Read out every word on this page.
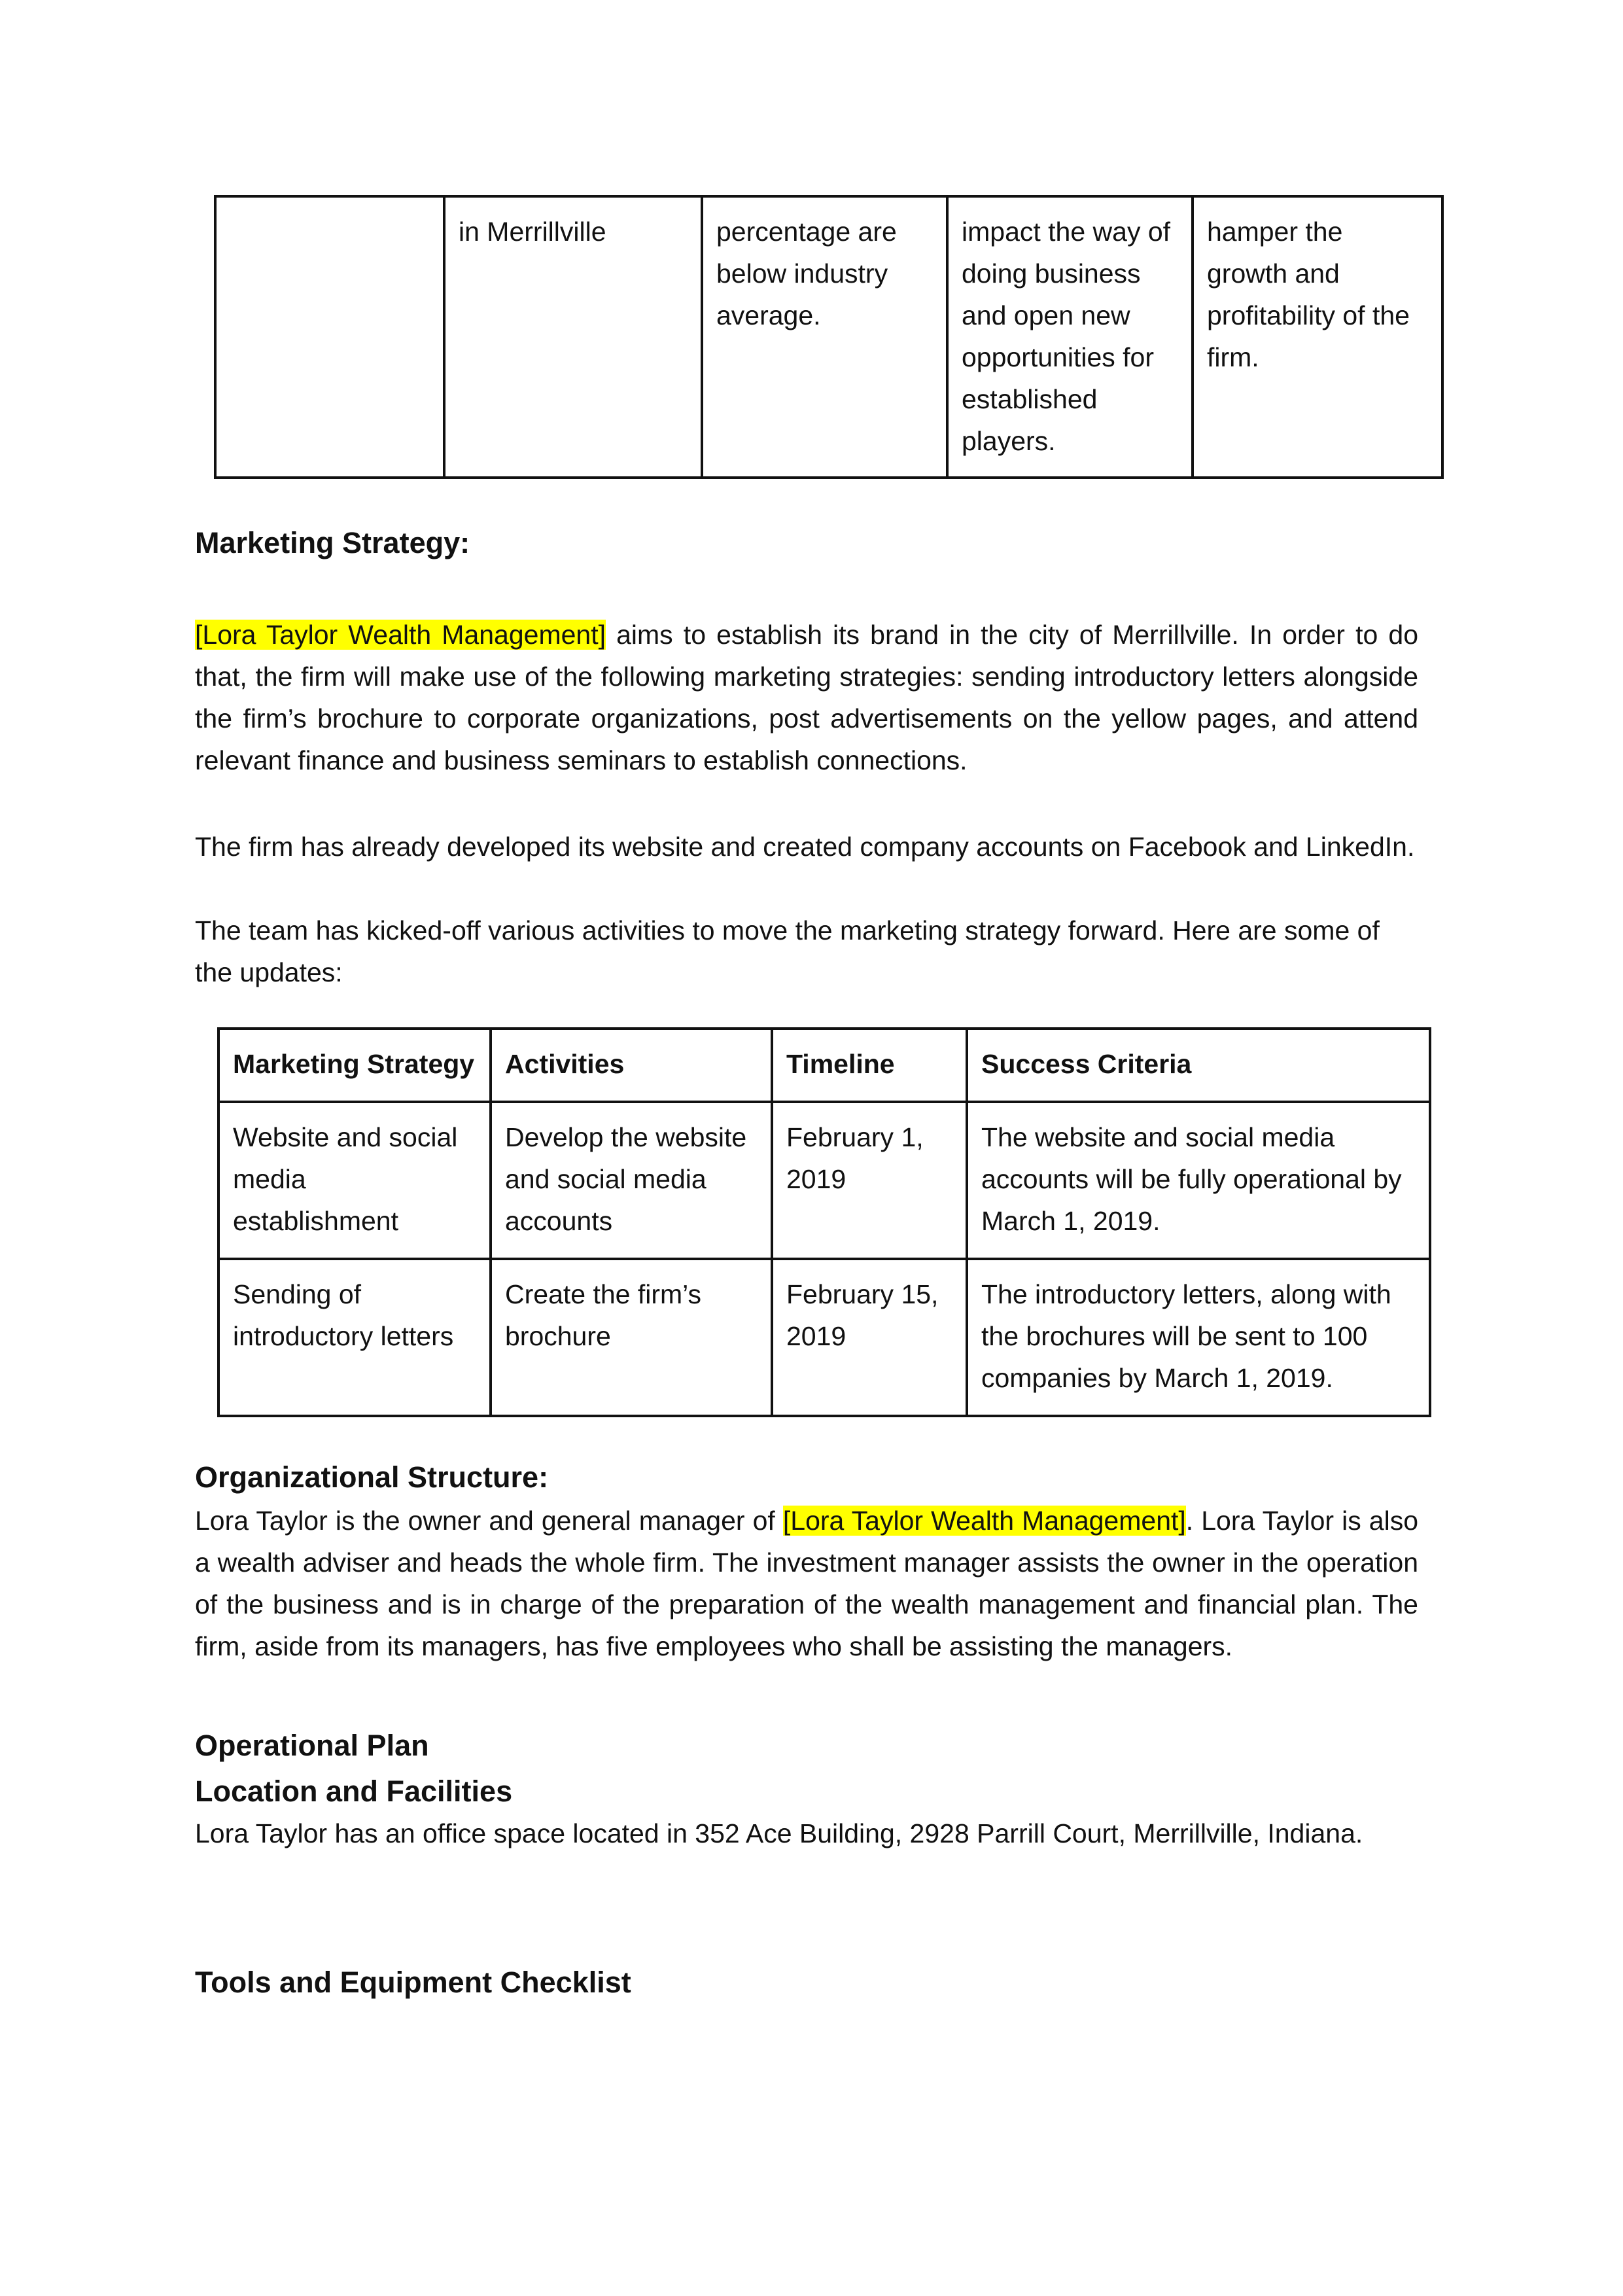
	in Merrillville	percentage are below industry average.	impact the way of doing business and open new opportunities for established players.	hamper the growth and profitability of the firm.
Marketing Strategy:
[Lora Taylor Wealth Management] aims to establish its brand in the city of Merrillville. In order to do that, the firm will make use of the following marketing strategies: sending introductory letters alongside the firm’s brochure to corporate organizations, post advertisements on the yellow pages, and attend relevant finance and business seminars to establish connections.
The firm has already developed its website and created company accounts on Facebook and LinkedIn.
The team has kicked-off various activities to move the marketing strategy forward. Here are some of the updates:
Marketing Strategy	Activities	Timeline	Success Criteria
Website and social media establishment	Develop the website and social media accounts	February 1, 2019	The website and social media accounts will be fully operational by March 1, 2019.
Sending of introductory letters	Create the firm’s brochure	February 15, 2019	The introductory letters, along with the brochures will be sent to 100 companies by March 1, 2019.
Organizational Structure:
Lora Taylor is the owner and general manager of [Lora Taylor Wealth Management]. Lora Taylor is also a wealth adviser and heads the whole firm. The investment manager assists the owner in the operation of the business and is in charge of the preparation of the wealth management and financial plan. The firm, aside from its managers, has five employees who shall be assisting the managers.
Operational Plan
Location and Facilities
Lora Taylor has an office space located in 352 Ace Building, 2928 Parrill Court, Merrillville, Indiana.
Tools and Equipment Checklist
